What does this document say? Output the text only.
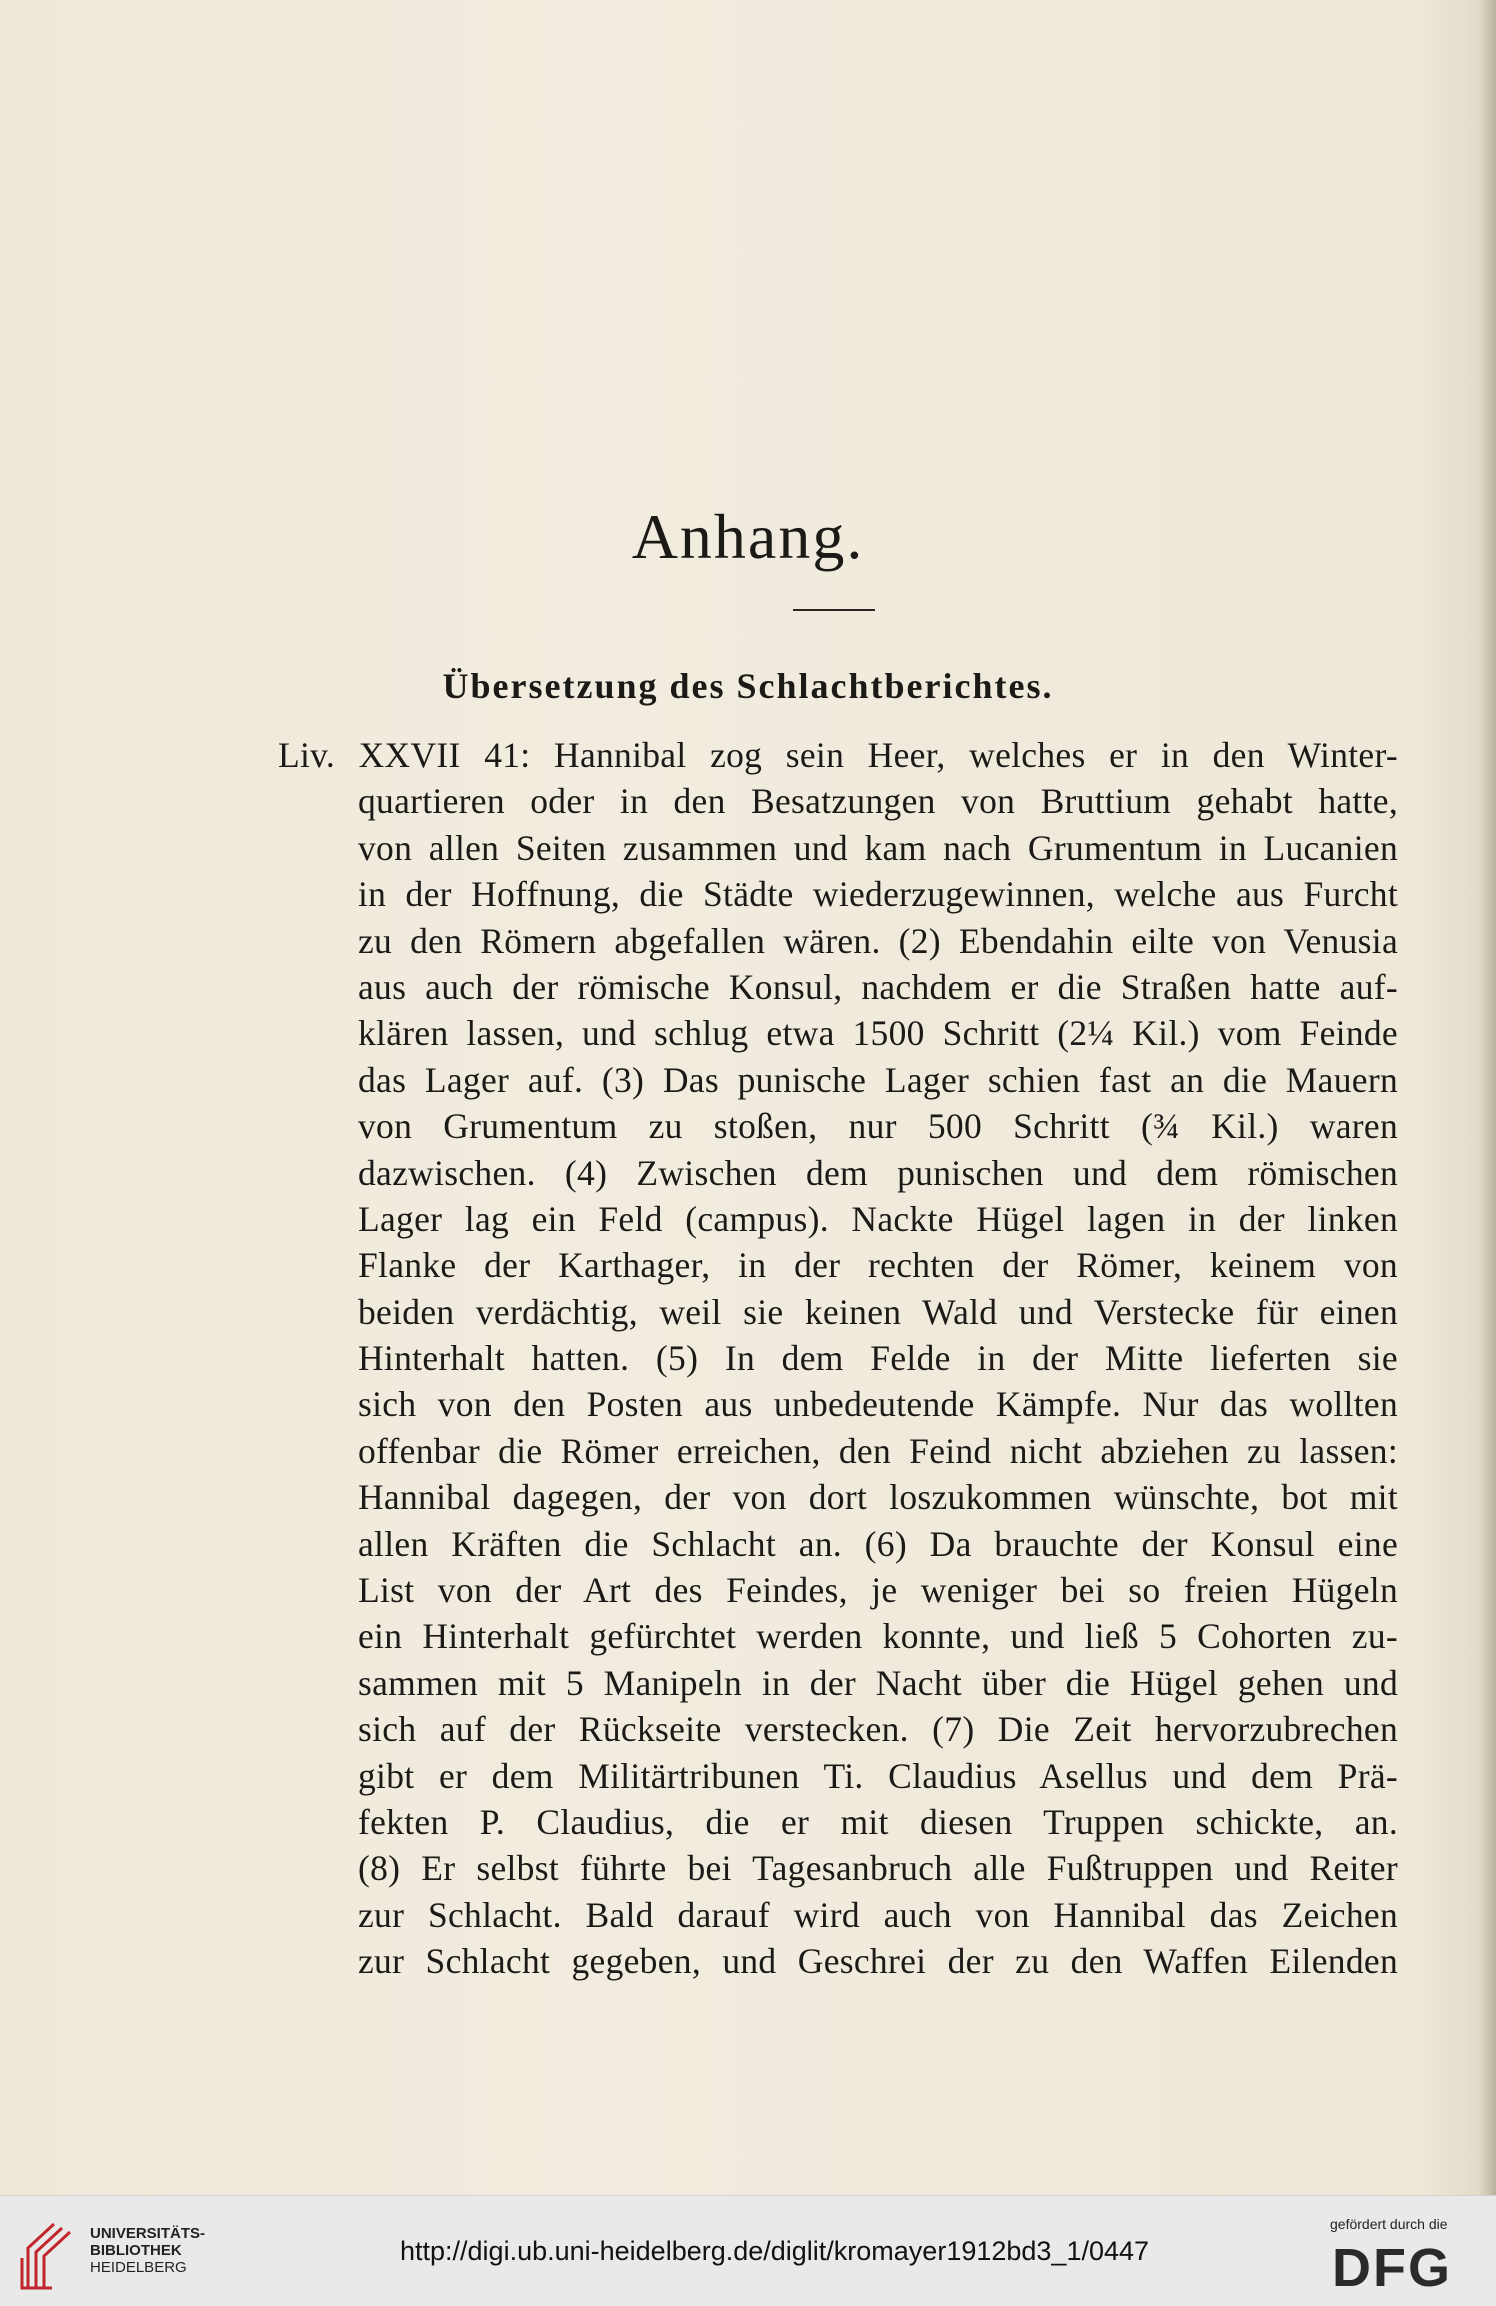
Anhang.
Übersetzung des Schlachtberichtes.
Liv. XXVII 41: Hannibal zog sein Heer, welches er in den Winter-
quartieren oder in den Besatzungen von Bruttium gehabt hatte,
von allen Seiten zusammen und kam nach Grumentum in Lucanien
in der Hoffnung, die Städte wiederzugewinnen, welche aus Furcht
zu den Römern abgefallen wären. (2) Ebendahin eilte von Venusia
aus auch der römische Konsul, nachdem er die Straßen hatte auf-
klären lassen, und schlug etwa 1500 Schritt (2¼ Kil.) vom Feinde
das Lager auf. (3) Das punische Lager schien fast an die Mauern
von Grumentum zu stoßen, nur 500 Schritt (¾ Kil.) waren
dazwischen. (4) Zwischen dem punischen und dem römischen
Lager lag ein Feld (campus). Nackte Hügel lagen in der linken
Flanke der Karthager, in der rechten der Römer, keinem von
beiden verdächtig, weil sie keinen Wald und Verstecke für einen
Hinterhalt hatten. (5) In dem Felde in der Mitte lieferten sie
sich von den Posten aus unbedeutende Kämpfe. Nur das wollten
offenbar die Römer erreichen, den Feind nicht abziehen zu lassen:
Hannibal dagegen, der von dort loszukommen wünschte, bot mit
allen Kräften die Schlacht an. (6) Da brauchte der Konsul eine
List von der Art des Feindes, je weniger bei so freien Hügeln
ein Hinterhalt gefürchtet werden konnte, und ließ 5 Cohorten zu-
sammen mit 5 Manipeln in der Nacht über die Hügel gehen und
sich auf der Rückseite verstecken. (7) Die Zeit hervorzubrechen
gibt er dem Militärtribunen Ti. Claudius Asellus und dem Prä-
fekten P. Claudius, die er mit diesen Truppen schickte, an.
(8) Er selbst führte bei Tagesanbruch alle Fußtruppen und Reiter
zur Schlacht. Bald darauf wird auch von Hannibal das Zeichen
zur Schlacht gegeben, und Geschrei der zu den Waffen Eilenden
UNIVERSITÄTS-
BIBLIOTHEK
HEIDELBERG
http://digi.ub.uni-heidelberg.de/diglit/kromayer1912bd3_1/0447
gefördert durch die
DFG
